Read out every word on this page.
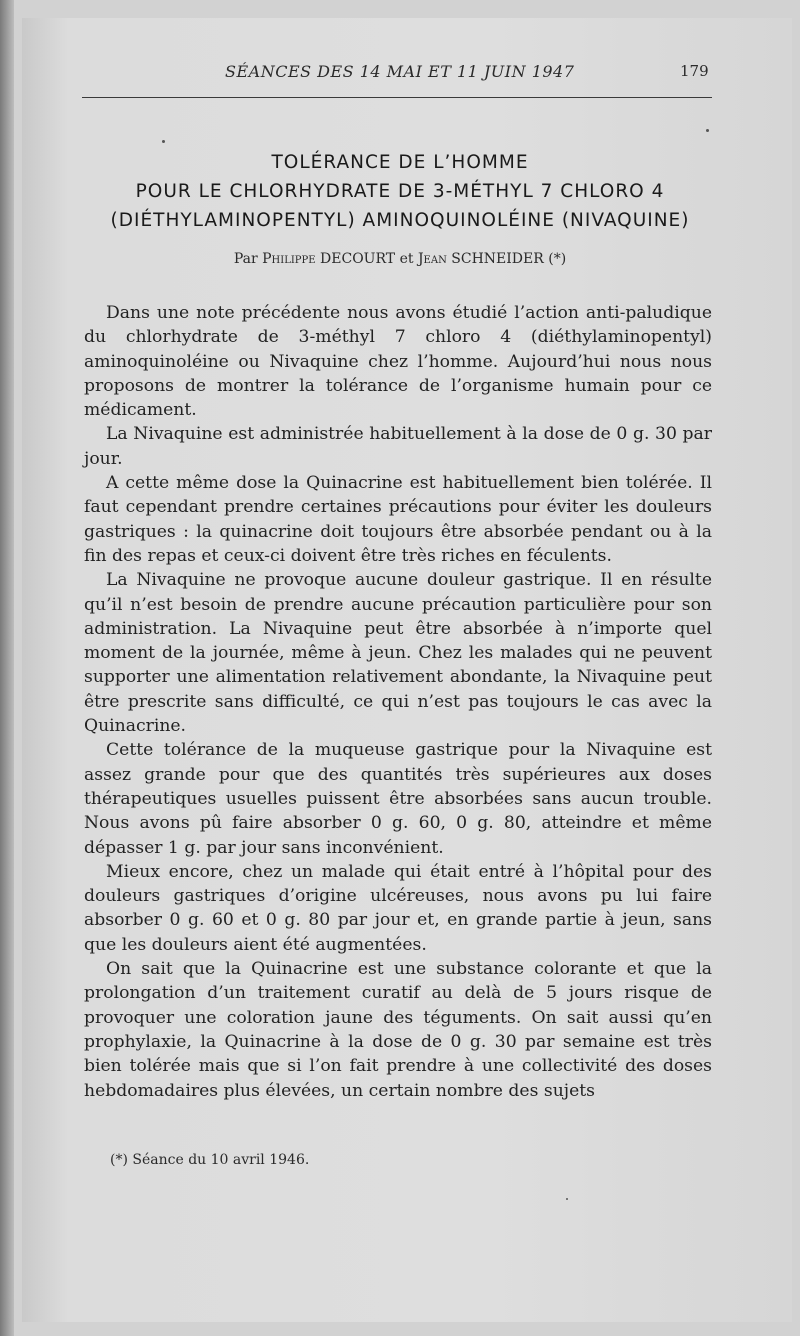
SÉANCES DES 14 MAI ET 11 JUIN 1947	179
TOLÉRANCE DE L’HOMME
POUR LE CHLORHYDRATE DE 3-MÉTHYL 7 CHLORO 4
(DIÉTHYLAMINOPENTYL) AMINOQUINOLÉINE (NIVAQUINE)
Par Philippe DECOURT et Jean SCHNEIDER (*)

Dans une note précédente nous avons étudié l’action anti-paludique du chlorhydrate de 3-méthyl 7 chloro 4 (diéthylaminopentyl) aminoquinoléine ou Nivaquine chez l’homme. Aujourd’hui nous nous proposons de montrer la tolérance de l’organisme humain pour ce médicament.

La Nivaquine est administrée habituellement à la dose de 0 g. 30 par jour.

A cette même dose la Quinacrine est habituellement bien tolérée. Il faut cependant prendre certaines précautions pour éviter les douleurs gastriques : la quinacrine doit toujours être absorbée pendant ou à la fin des repas et ceux-ci doivent être très riches en féculents.

La Nivaquine ne provoque aucune douleur gastrique. Il en résulte qu’il n’est besoin de prendre aucune précaution particulière pour son administration. La Nivaquine peut être absorbée à n’importe quel moment de la journée, même à jeun. Chez les malades qui ne peuvent supporter une alimentation relativement abondante, la Nivaquine peut être prescrite sans difficulté, ce qui n’est pas toujours le cas avec la Quinacrine.

Cette tolérance de la muqueuse gastrique pour la Nivaquine est assez grande pour que des quantités très supérieures aux doses thérapeutiques usuelles puissent être absorbées sans aucun trouble. Nous avons pû faire absorber 0 g. 60, 0 g. 80, atteindre et même dépasser 1 g. par jour sans inconvénient.

Mieux encore, chez un malade qui était entré à l’hôpital pour des douleurs gastriques d’origine ulcéreuses, nous avons pu lui faire absorber 0 g. 60 et 0 g. 80 par jour et, en grande partie à jeun, sans que les douleurs aient été augmentées.

On sait que la Quinacrine est une substance colorante et que la prolongation d’un traitement curatif au delà de 5 jours risque de provoquer une coloration jaune des téguments. On sait aussi qu’en prophylaxie, la Quinacrine à la dose de 0 g. 30 par semaine est très bien tolérée mais que si l’on fait prendre à une collectivité des doses hebdomadaires plus élevées, un certain nombre des sujets

(*) Séance du 10 avril 1946.
